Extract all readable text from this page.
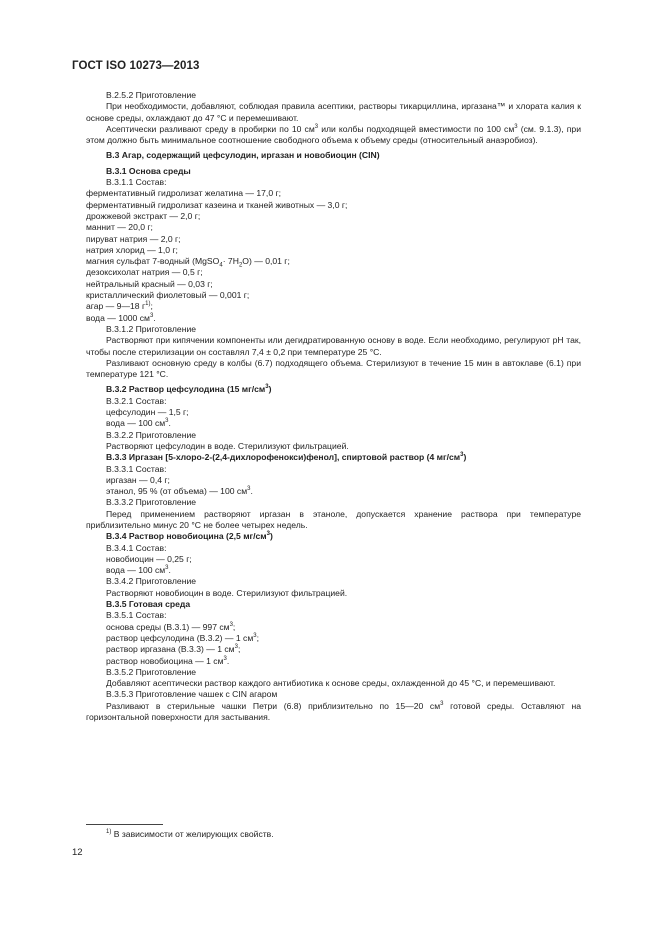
ГОСТ ISO 10273—2013

В.2.5.2 Приготовление

При необходимости, добавляют, соблюдая правила асептики, растворы тикарциллина, иргазана™ и хлората калия к основе среды, охлаждают до 47 °С и перемешивают.

Асептически разливают среду в пробирки по 10 $см^3$ или колбы подходящей вместимости по 100 $см^3$ (см. 9.1.3), при этом должно быть минимальное соотношение свободного объема к объему среды (относительный анаэробиоз).

В.3 Агар, содержащий цефсулодин, иргазан и новобиоцин (CIN)

В.3.1 Основа среды

В.3.1.1 Состав:

ферментативный гидролизат желатина — 17,0 г;

ферментативный гидролизат казеина и тканей животных — 3,0 г;

дрожжевой экстракт — 2,0 г;

маннит — 20,0 г;

пируват натрия — 2,0 г;

натрия хлорид — 1,0 г;

магния сульфат 7-водный (MgSO$_4$· $7H_2O$) — 0,01 г;

дезоксихолат натрия — 0,5 г;

нейтральный красный — 0,03 г;

кристаллический фиолетовый — 0,001 г;

агар — 9—18 $г^{1)}$;

вода — 1000 $см^3$.

В.3.1.2 Приготовление

Растворяют при кипячении компоненты или дегидратированную основу в воде. Если необходимо, регулируют pH так, чтобы после стерилизации он составлял 7,4 ± 0,2 при температуре 25 °С.

Разливают основную среду в колбы (6.7) подходящего объема. Стерилизуют в течение 15 мин в автоклаве (6.1) при температуре 121 °С.

В.3.2 Раствор цефсулодина (15 $мг/см^3$)

В.3.2.1 Состав:

цефсулодин — 1,5 г;

вода — 100 $см^3$.

В.3.2.2 Приготовление

Растворяют цефсулодин в воде. Стерилизуют фильтрацией.

В.3.3 Иргазан [5-хлоро-2-(2,4-дихлорофенокси)фенол], спиртовой раствор (4 $мг/см^3$)

В.3.3.1 Состав:

иргазан — 0,4 г;

этанол, 95 % (от объема) — 100 $см^3$.

В.3.3.2 Приготовление

Перед применением растворяют иргазан в этаноле, допускается хранение раствора при температуре приблизительно минус 20 °С не более четырех недель.

В.3.4 Раствор новобиоцина (2,5 $мг/см^3$)

В.3.4.1 Состав:

новобиоцин — 0,25 г;

вода — 100 $см^3$.

В.3.4.2 Приготовление

Растворяют новобиоцин в воде. Стерилизуют фильтрацией.

В.3.5 Готовая среда

В.3.5.1 Состав:

основа среды (В.3.1) — 997 $см^3$;

раствор цефсулодина (В.3.2) — 1 $см^3$;

раствор иргазана (В.3.3) — 1 $см^3$;

раствор новобиоцина — 1 $см^3$.

В.3.5.2 Приготовление

Добавляют асептически раствор каждого антибиотика к основе среды, охлажденной до 45 °С, и перемешивают.

В.3.5.3 Приготовление чашек с CIN агаром

Разливают в стерильные чашки Петри (6.8) приблизительно по 15—20 $см^3$ готовой среды. Оставляют на горизонтальной поверхности для застывания.

$^{1)}$ В зависимости от желирующих свойств.
12
